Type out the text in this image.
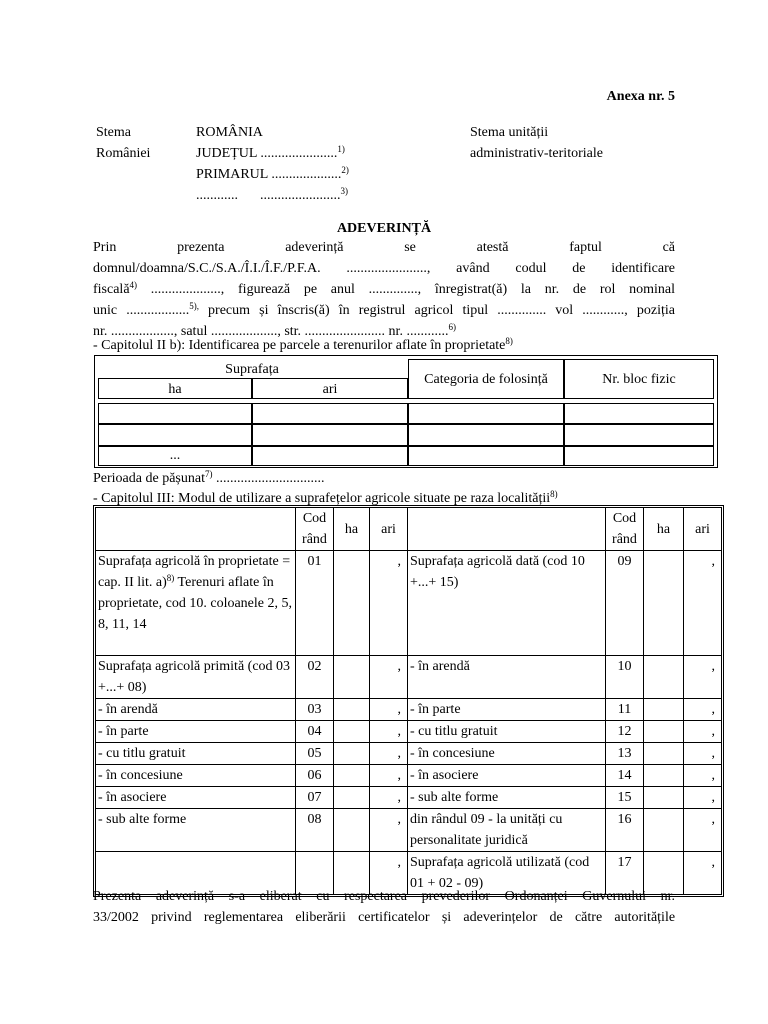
Anexa nr. 5
Stema
României
ROMÂNIA
JUDEȚUL ......................$^{1)}$
PRIMARUL ....................$^{2)}$
............ .......................$^{3)}$
Stema unității
administrativ-teritoriale
ADEVERINȚĂ
Prin	prezenta	adeverință	se	atestă	faptul	că
domnul/doamna/S.C./S.A./Î.I./Î.F./P.F.A. ......................., având codul de identificare
fiscală$^{4)}$ ...................., figurează pe anul .............., înregistrat(ă) la nr. de rol nominal
unic ..................$^{5),}$ precum și înscris(ă) în registrul agricol tipul .............. vol ............, poziția
nr. .................., satul ..................., str. ....................... nr. ............$^{6)}$
- Capitolul II b): Identificarea pe parcele a terenurilor aflate în proprietate$^{8)}$
Suprafața
ha	ari
Categoria de folosință	Nr. bloc fizic
...
Perioada de pășunat$^{7)}$ ...............................
- Capitolul III: Modul de utilizare a suprafețelor agricole situate pe raza localității$^{8)}$
	Cod
rând	ha	ari		Cod
rând	ha	ari
Suprafața agricolă în proprietate = cap. II lit. a)$^{8)}$ Terenuri aflate în proprietate, cod 10. coloanele 2, 5, 8, 11, 14	01		,	Suprafața agricolă dată (cod 10 +...+ 15)	09		,
Suprafața agricolă primită (cod 03 +...+ 08)	02		,	- în arendă	10		,
- în arendă	03		,	- în parte	11		,
- în parte	04		,	- cu titlu gratuit	12		,
- cu titlu gratuit	05		,	- în concesiune	13		,
- în concesiune	06		,	- în asociere	14		,
- în asociere	07		,	- sub alte forme	15		,
- sub alte forme	08		,	din rândul 09 - la unități cu personalitate juridică	16		,
			,	Suprafața agricolă utilizată (cod 01 + 02 - 09)	17		,
Prezenta adeverință s-a eliberat cu respectarea prevederilor Ordonanței Guvernului nr.
33/2002 privind reglementarea eliberării certificatelor și adeverințelor de către autoritățile
